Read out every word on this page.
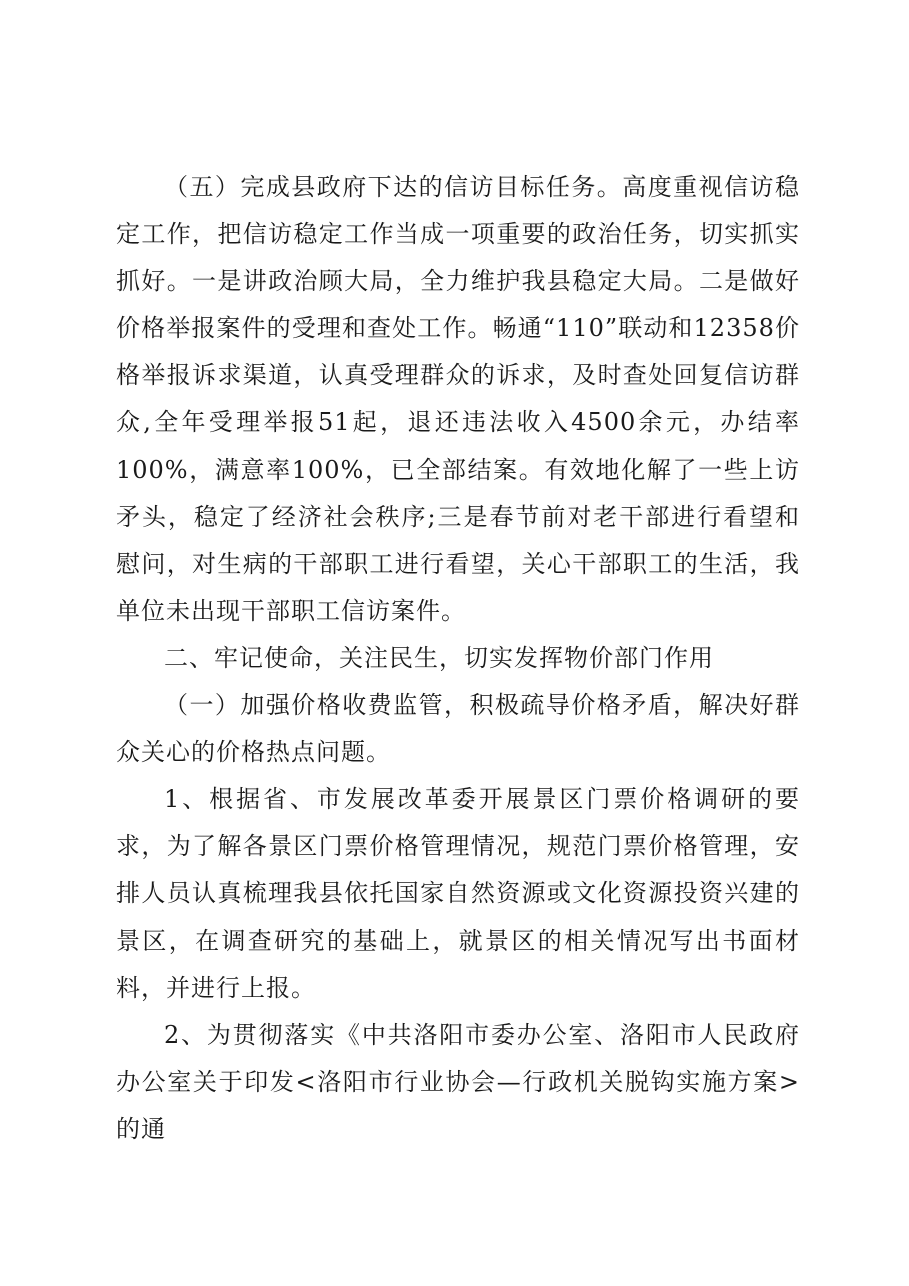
（五）完成县政府下达的信访目标任务。高度重视信访稳定工作，把信访稳定工作当成一项重要的政治任务，切实抓实抓好。一是讲政治顾大局，全力维护我县稳定大局。二是做好价格举报案件的受理和查处工作。畅通“110”联动和12358价格举报诉求渠道，认真受理群众的诉求，及时查处回复信访群众,全年受理举报51起，退还违法收入4500余元，办结率100%，满意率100%，已全部结案。有效地化解了一些上访矛头，稳定了经济社会秩序;三是春节前对老干部进行看望和慰问，对生病的干部职工进行看望，关心干部职工的生活，我单位未出现干部职工信访案件。

二、牢记使命，关注民生，切实发挥物价部门作用

（一）加强价格收费监管，积极疏导价格矛盾，解决好群众关心的价格热点问题。

1、根据省、市发展改革委开展景区门票价格调研的要求，为了解各景区门票价格管理情况，规范门票价格管理，安排人员认真梳理我县依托国家自然资源或文化资源投资兴建的景区，在调查研究的基础上，就景区的相关情况写出书面材料，并进行上报。

2、为贯彻落实《中共洛阳市委办公室、洛阳市人民政府办公室关于印发<洛阳市行业协会—行政机关脱钩实施方案>的通
